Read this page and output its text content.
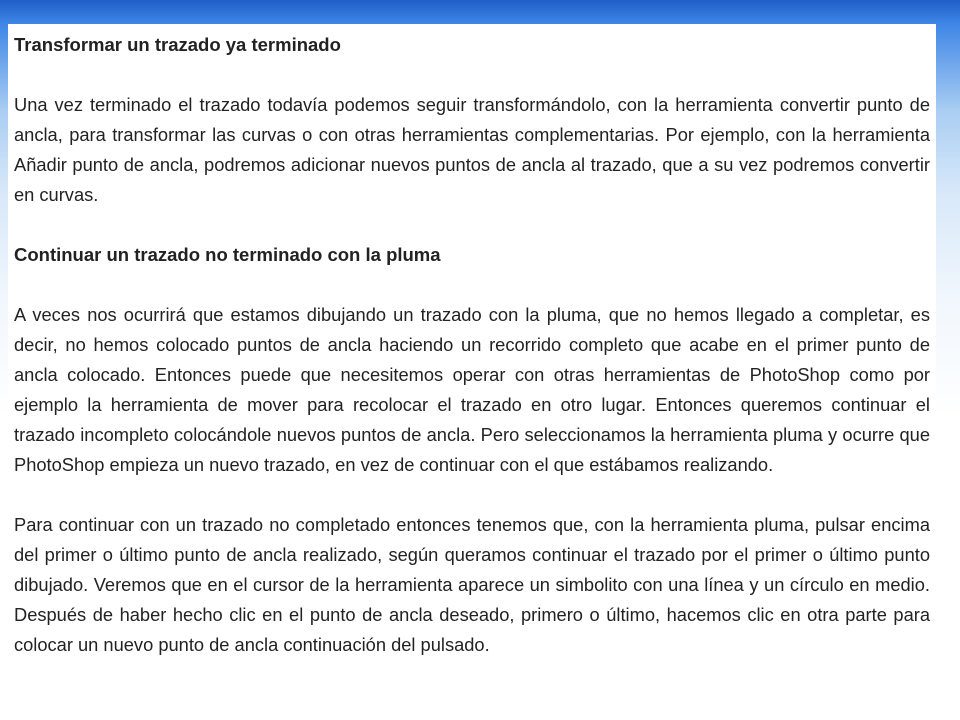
Transformar un trazado ya terminado

Una vez terminado el trazado todavía podemos seguir transformándolo, con la herramienta convertir punto de ancla, para transformar las curvas o con otras herramientas complementarias. Por ejemplo, con la herramienta Añadir punto de ancla, podremos adicionar nuevos puntos de ancla al trazado, que a su vez podremos convertir en curvas.

Continuar un trazado no terminado con la pluma

A veces nos ocurrirá que estamos dibujando un trazado con la pluma, que no hemos llegado a completar, es decir, no hemos colocado puntos de ancla haciendo un recorrido completo que acabe en el primer punto de ancla colocado. Entonces puede que necesitemos operar con otras herramientas de PhotoShop como por ejemplo la herramienta de mover para recolocar el trazado en otro lugar. Entonces queremos continuar el trazado incompleto colocándole nuevos puntos de ancla. Pero seleccionamos la herramienta pluma y ocurre que PhotoShop empieza un nuevo trazado, en vez de continuar con el que estábamos realizando.

Para continuar con un trazado no completado entonces tenemos que, con la herramienta pluma, pulsar encima del primer o último punto de ancla realizado, según queramos continuar el trazado por el primer o último punto dibujado. Veremos que en el cursor de la herramienta aparece un simbolito con una línea y un círculo en medio. Después de haber hecho clic en el punto de ancla deseado, primero o último, hacemos clic en otra parte para colocar un nuevo punto de ancla continuación del pulsado.
